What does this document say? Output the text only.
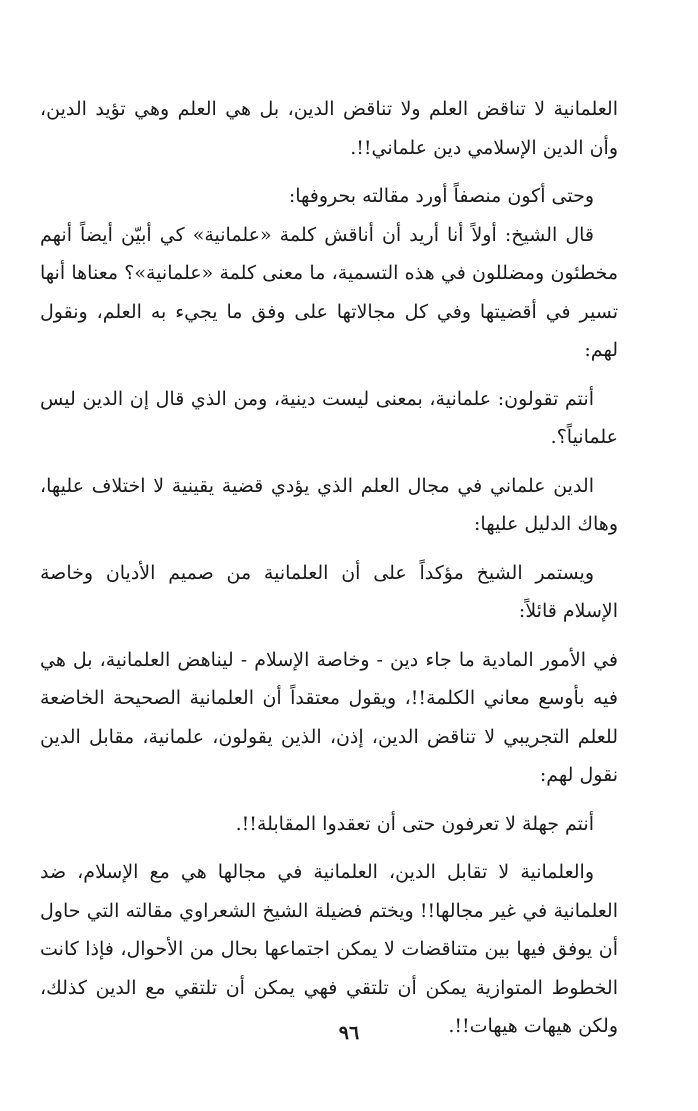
العلمانية لا تناقض العلم ولا تناقض الدين، بل هي العلم وهي تؤيد الدين، وأن الدين الإسلامي دين علماني!!.

وحتى أكون منصفاً أورد مقالته بحروفها:

قال الشيخ: أولاً أنا أريد أن أناقش كلمة «علمانية» كي أبيّن أيضاً أنهم مخطئون ومضللون في هذه التسمية، ما معنى كلمة «علمانية»؟ معناها أنها تسير في أقضيتها وفي كل مجالاتها على وفق ما يجيء به العلم، ونقول لهم:

أنتم تقولون: علمانية، بمعنى ليست دينية، ومن الذي قال إن الدين ليس علمانياً؟.

الدين علماني في مجال العلم الذي يؤدي قضية يقينية لا اختلاف عليها، وهاك الدليل عليها:

ويستمر الشيخ مؤكداً على أن العلمانية من صميم الأديان وخاصة الإسلام قائلاً:

في الأمور المادية ما جاء دين - وخاصة الإسلام - ليناهض العلمانية، بل هي فيه بأوسع معاني الكلمة!!، ويقول معتقداً أن العلمانية الصحيحة الخاضعة للعلم التجريبي لا تناقض الدين، إذن، الذين يقولون، علمانية، مقابل الدين نقول لهم:

أنتم جهلة لا تعرفون حتى أن تعقدوا المقابلة!!.

والعلمانية لا تقابل الدين، العلمانية في مجالها هي مع الإسلام، ضد العلمانية في غير مجالها!! ويختم فضيلة الشيخ الشعراوي مقالته التي حاول أن يوفق فيها بين متناقضات لا يمكن اجتماعها بحال من الأحوال، فإذا كانت الخطوط المتوازية يمكن أن تلتقي فهي يمكن أن تلتقي مع الدين كذلك، ولكن هيهات هيهات!!.

٩٦
